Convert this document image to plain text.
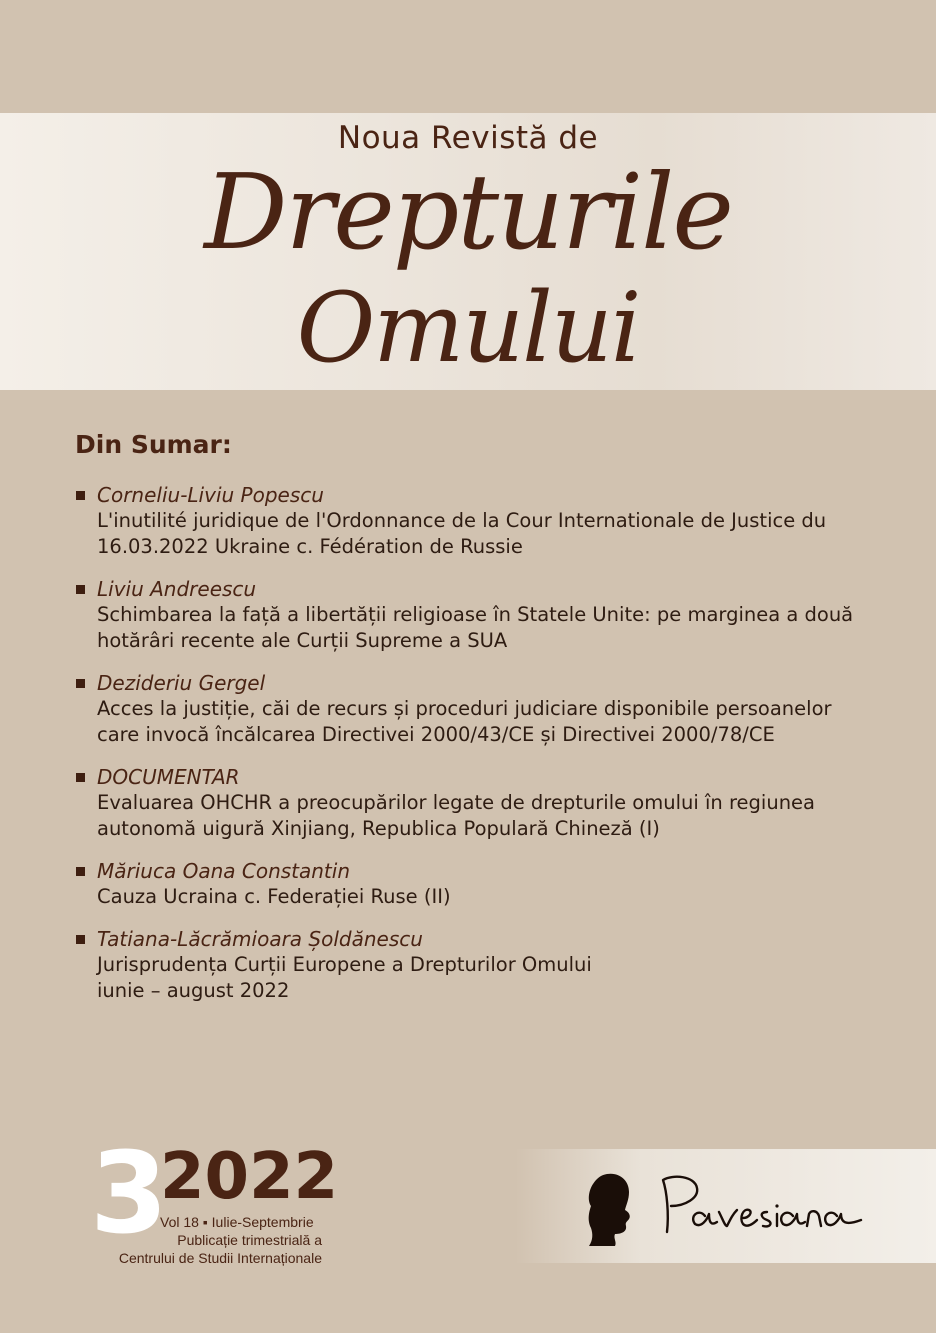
Noua Revistă de
Drepturile
Omului
Din Sumar:
Corneliu-Liviu Popescu
L'inutilité juridique de l'Ordonnance de la Cour Internationale de Justice du
16.03.2022 Ukraine c. Fédération de Russie
Liviu Andreescu
Schimbarea la față a libertății religioase în Statele Unite: pe marginea a două
hotărâri recente ale Curții Supreme a SUA
Dezideriu Gergel
Acces la justiție, căi de recurs și proceduri judiciare disponibile persoanelor
care invocă încălcarea Directivei 2000/43/CE și Directivei 2000/78/CE
DOCUMENTAR
Evaluarea OHCHR a preocupărilor legate de drepturile omului în regiunea
autonomă uigură Xinjiang, Republica Populară Chineză (I)
Măriuca Oana Constantin
Cauza Ucraina c. Federației Ruse (II)
Tatiana-Lăcrămioara Șoldănescu
Jurisprudența Curții Europene a Drepturilor Omului
iunie – august 2022
3
2022
Vol 18 ▪ Iulie-Septembrie
Publicație trimestrială a
Centrului de Studii Internaționale
